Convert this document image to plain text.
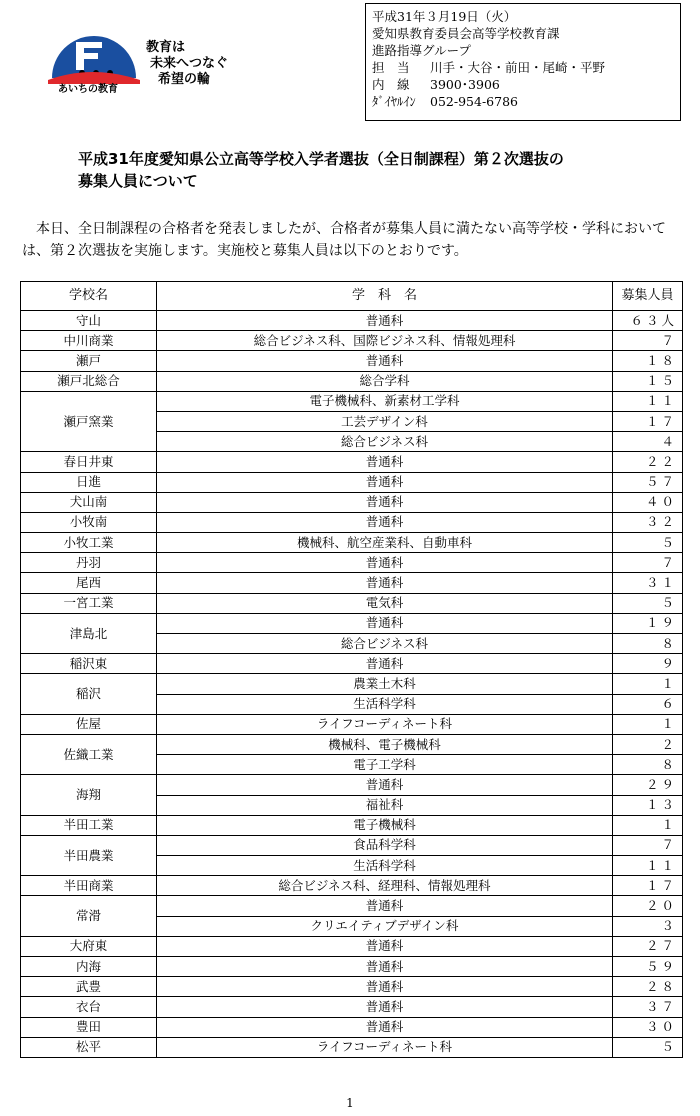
教育は
未来へつなぐ
希望の輪
あいちの教育
平成31年３月19日（火）
愛知県教育委員会高等学校教育課
進路指導グループ
担　当 川手・大谷・前田・尾崎・平野
内　線 3900･3906
ﾀﾞｲﾔﾙｲﾝ 052-954-6786
平成31年度愛知県公立高等学校入学者選抜（全日制課程）第２次選抜の
募集人員について
本日、全日制課程の合格者を発表しましたが、合格者が募集人員に満たない高等学校・学科においては、第２次選抜を実施します。実施校と募集人員は以下のとおりです。
学校名	学　科　名	募集人員
守山	普通科	６３人
中川商業	総合ビジネス科、国際ビジネス科、情報処理科	７
瀬戸	普通科	１８
瀬戸北総合	総合学科	１５
瀬戸窯業	電子機械科、新素材工学科	１１
	工芸デザイン科	１７
	総合ビジネス科	４
春日井東	普通科	２２
日進	普通科	５７
犬山南	普通科	４０
小牧南	普通科	３２
小牧工業	機械科、航空産業科、自動車科	５
丹羽	普通科	７
尾西	普通科	３１
一宮工業	電気科	５
津島北	普通科	１９
	総合ビジネス科	８
稲沢東	普通科	９
稲沢	農業土木科	１
	生活科学科	６
佐屋	ライフコーディネート科	１
佐織工業	機械科、電子機械科	２
	電子工学科	８
海翔	普通科	２９
	福祉科	１３
半田工業	電子機械科	１
半田農業	食品科学科	７
	生活科学科	１１
半田商業	総合ビジネス科、経理科、情報処理科	１７
常滑	普通科	２０
	クリエイティブデザイン科	３
大府東	普通科	２７
内海	普通科	５９
武豊	普通科	２８
衣台	普通科	３７
豊田	普通科	３０
松平	ライフコーディネート科	５
1
